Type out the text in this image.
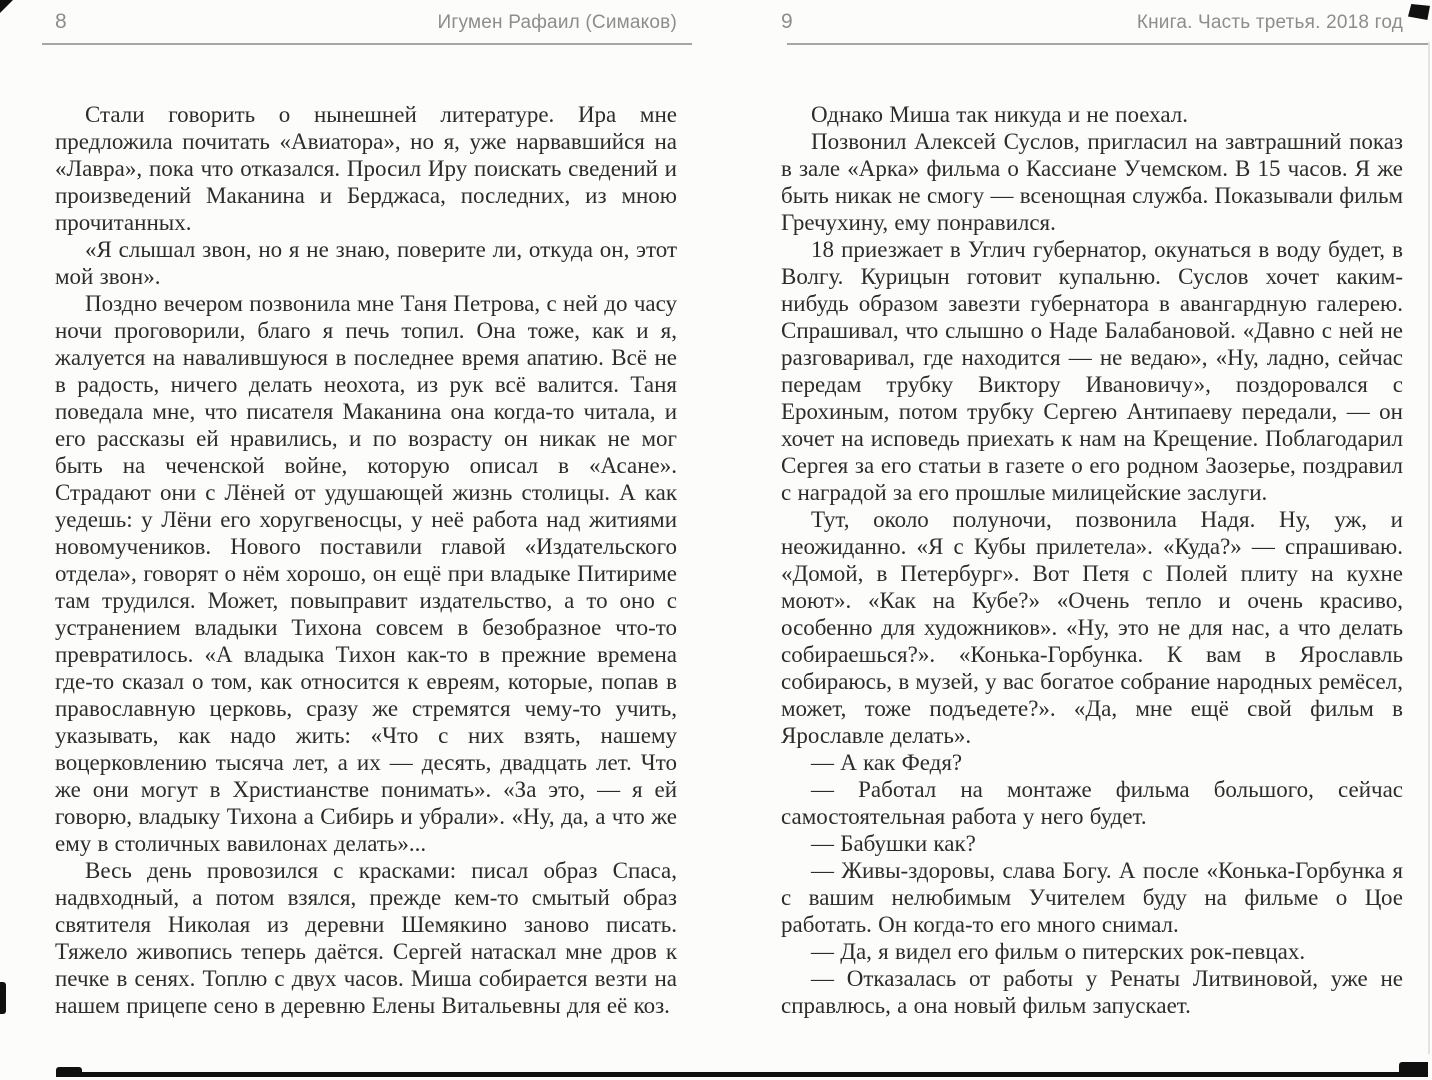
8	Игумен Рафаил (Симаков)

Стали говорить о нынешней литературе. Ира мне предложила почитать «Авиатора», но я, уже нарвавшийся на «Лавра», пока что отказался. Просил Иру поискать сведений и произведений Маканина и Берджаса, последних, из мною прочитанных.

«Я слышал звон, но я не знаю, поверите ли, откуда он, этот мой звон».

Поздно вечером позвонила мне Таня Петрова, с ней до часу ночи проговорили, благо я печь топил. Она тоже, как и я, жалуется на навалившуюся в последнее время апатию. Всё не в радость, ничего делать неохота, из рук всё валится. Таня поведала мне, что писателя Маканина она когда-то читала, и его рассказы ей нравились, и по возрасту он никак не мог быть на чеченской войне, которую описал в «Асане». Страдают они с Лёней от удушающей жизнь столицы. А как уедешь: у Лёни его хоругвеносцы, у неё работа над житиями новомучеников. Нового поставили главой «Издательского отдела», говорят о нём хорошо, он ещё при владыке Питириме там трудился. Может, повыправит издательство, а то оно с устранением владыки Тихона совсем в безобразное что-то превратилось. «А владыка Тихон как-то в прежние времена где-то сказал о том, как относится к евреям, которые, попав в православную церковь, сразу же стремятся чему-то учить, указывать, как надо жить: «Что с них взять, нашему воцерковлению тысяча лет, а их — десять, двадцать лет. Что же они могут в Христианстве понимать». «За это, — я ей говорю, владыку Тихона а Сибирь и убрали». «Ну, да, а что же ему в столичных вавилонах делать»...

Весь день провозился с красками: писал образ Спаса, надвходный, а потом взялся, прежде кем-то смытый образ святителя Николая из деревни Шемякино заново писать. Тяжело живопись теперь даётся. Сергей натаскал мне дров к печке в сенях. Топлю с двух часов. Миша собирается везти на нашем прицепе сено в деревню Елены Витальевны для её коз.

9	Книга. Часть третья. 2018 год

Однако Миша так никуда и не поехал.

Позвонил Алексей Суслов, пригласил на завтрашний показ в зале «Арка» фильма о Кассиане Учемском. В 15 часов. Я же быть никак не смогу — всенощная служба. Показывали фильм Гречухину, ему понравился.

18 приезжает в Углич губернатор, окунаться в воду будет, в Волгу. Курицын готовит купальню. Суслов хочет каким-нибудь образом завезти губернатора в авангардную галерею. Спрашивал, что слышно о Наде Балабановой. «Давно с ней не разговаривал, где находится — не ведаю», «Ну, ладно, сейчас передам трубку Виктору Ивановичу», поздоровался с Ерохиным, потом трубку Сергею Антипаеву передали, — он хочет на исповедь приехать к нам на Крещение. Поблагодарил Сергея за его статьи в газете о его родном Заозерье, поздравил с наградой за его прошлые милицейские заслуги.

Тут, около полуночи, позвонила Надя. Ну, уж, и неожиданно. «Я с Кубы прилетела». «Куда?» — спрашиваю. «Домой, в Петербург». Вот Петя с Полей плиту на кухне моют». «Как на Кубе?» «Очень тепло и очень красиво, особенно для художников». «Ну, это не для нас, а что делать собираешься?». «Конька-Горбунка. К вам в Ярославль собираюсь, в музей, у вас богатое собрание народных ремёсел, может, тоже подъедете?». «Да, мне ещё свой фильм в Ярославле делать».

— А как Федя?

— Работал на монтаже фильма большого, сейчас самостоятельная работа у него будет.

— Бабушки как?

— Живы-здоровы, слава Богу. А после «Конька-Горбунка я с вашим нелюбимым Учителем буду на фильме о Цое работать. Он когда-то его много снимал.

— Да, я видел его фильм о питерских рок-певцах.

— Отказалась от работы у Ренаты Литвиновой, уже не справлюсь, а она новый фильм запускает.
